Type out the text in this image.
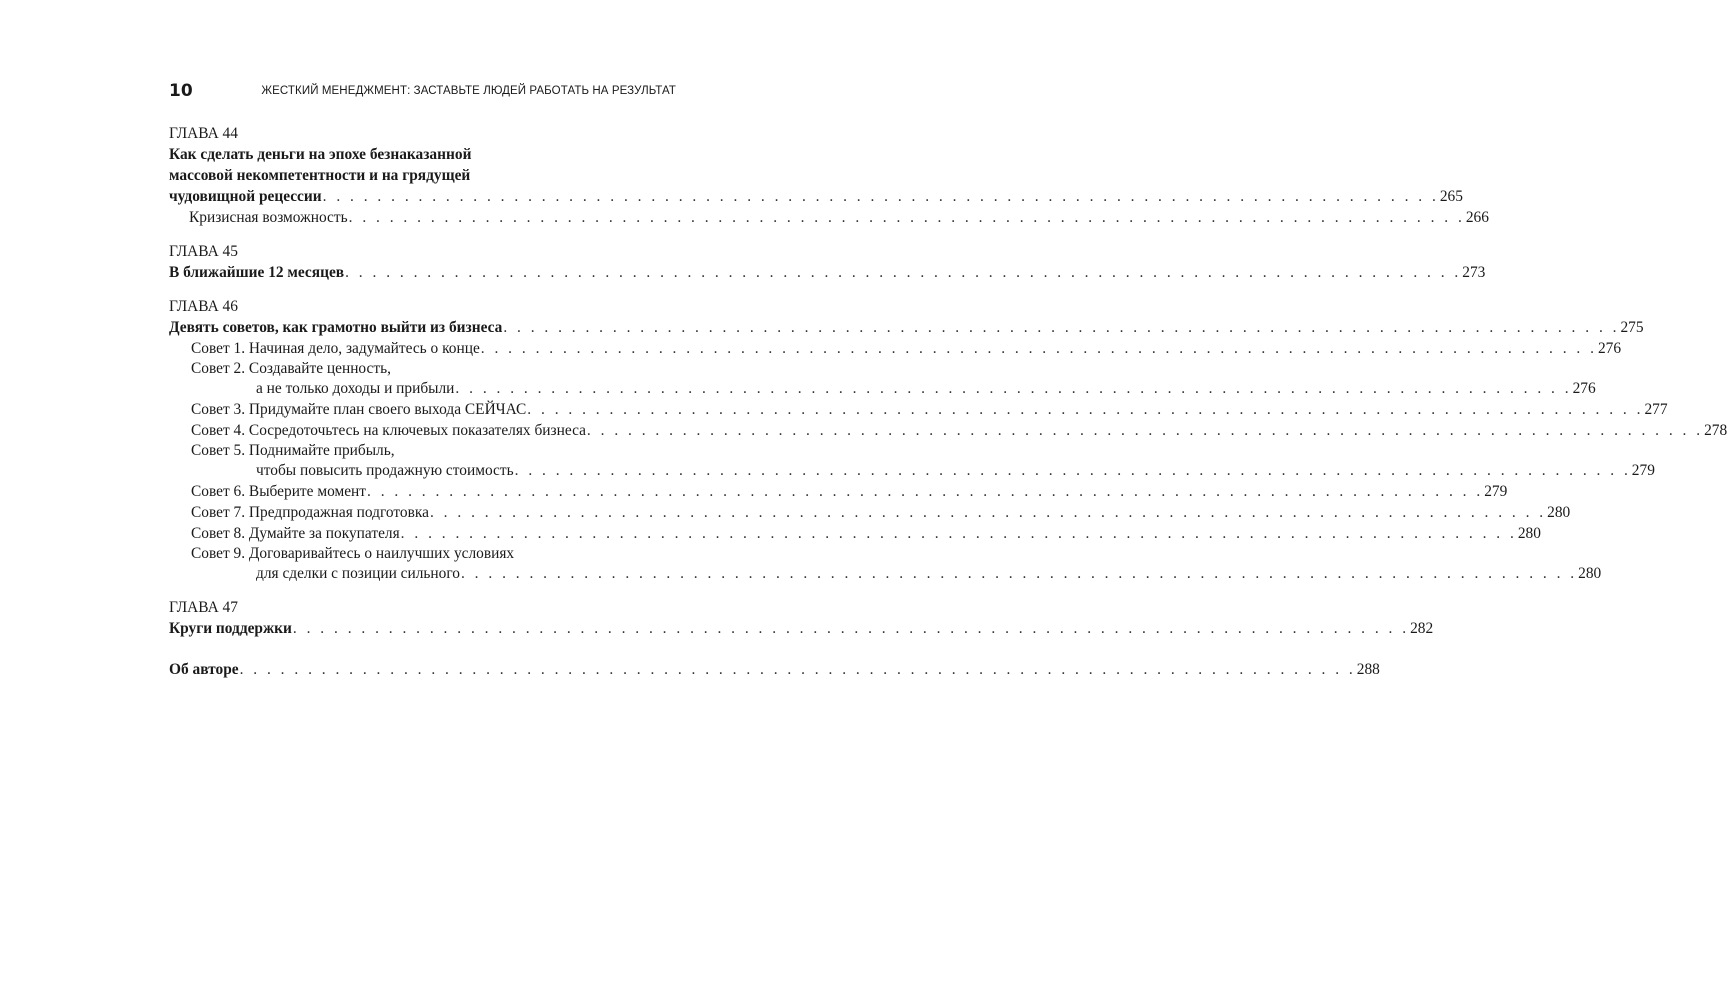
10	ЖЕСТКИЙ МЕНЕДЖМЕНТ: ЗАСТАВЬТЕ ЛЮДЕЙ РАБОТАТЬ НА РЕЗУЛЬТАТ
ГЛАВА 44
Как сделать деньги на эпохе безнаказанной
массовой некомпетентности и на грядущей
чудовищной рецессии . . . . . . . . . . . . . . . . . . . . . . . . . . . . . . . . . . . . . . . . . . . . . . . . . . . . . . . . . . . . . . . . . . . . . . . . . . . . . . . . . . 265
Кризисная возможность . . . . . . . . . . . . . . . . . . . . . . . . . . . . . . . . . . . . . . . . . . . . . . . . . . . . . . . . . . . . . . . . . . . . . . . . . . . . . . . . . . 266
ГЛАВА 45
В ближайшие 12 месяцев . . . . . . . . . . . . . . . . . . . . . . . . . . . . . . . . . . . . . . . . . . . . . . . . . . . . . . . . . . . . . . . . . . . . . . . . . . . . . . . . . . 273
ГЛАВА 46
Девять советов, как грамотно выйти из бизнеса . . . . . . . . . . . . . . . . . . . . . . . . . . . . . . . . . . . . . . . . . . . . . . . . . . . . . . . . . . . . . . . . . . . . . . . . . . . . . . . . . . 275
Совет 1. Начиная дело, задумайтесь о конце . . . . . . . . . . . . . . . . . . . . . . . . . . . . . . . . . . . . . . . . . . . . . . . . . . . . . . . . . . . . . . . . . . . . . . . . . . . . . . . . . . 276
Совет 2. Создавайте ценность,
а не только доходы и прибыли . . . . . . . . . . . . . . . . . . . . . . . . . . . . . . . . . . . . . . . . . . . . . . . . . . . . . . . . . . . . . . . . . . . . . . . . . . . . . . . . . . 276
Совет 3. Придумайте план своего выхода СЕЙЧАС . . . . . . . . . . . . . . . . . . . . . . . . . . . . . . . . . . . . . . . . . . . . . . . . . . . . . . . . . . . . . . . . . . . . . . . . . . . . . . . . . . 277
Совет 4. Сосредоточьтесь на ключевых показателях бизнеса . . . . . . . . . . . . . . . . . . . . . . . . . . . . . . . . . . . . . . . . . . . . . . . . . . . . . . . . . . . . . . . . . . . . . . . . . . . . . . . . . . 278
Совет 5. Поднимайте прибыль,
чтобы повысить продажную стоимость . . . . . . . . . . . . . . . . . . . . . . . . . . . . . . . . . . . . . . . . . . . . . . . . . . . . . . . . . . . . . . . . . . . . . . . . . . . . . . . . . . 279
Совет 6. Выберите момент . . . . . . . . . . . . . . . . . . . . . . . . . . . . . . . . . . . . . . . . . . . . . . . . . . . . . . . . . . . . . . . . . . . . . . . . . . . . . . . . . . 279
Совет 7. Предпродажная подготовка . . . . . . . . . . . . . . . . . . . . . . . . . . . . . . . . . . . . . . . . . . . . . . . . . . . . . . . . . . . . . . . . . . . . . . . . . . . . . . . . . . 280
Совет 8. Думайте за покупателя . . . . . . . . . . . . . . . . . . . . . . . . . . . . . . . . . . . . . . . . . . . . . . . . . . . . . . . . . . . . . . . . . . . . . . . . . . . . . . . . . . 280
Совет 9. Договаривайтесь о наилучших условиях
для сделки с позиции сильного . . . . . . . . . . . . . . . . . . . . . . . . . . . . . . . . . . . . . . . . . . . . . . . . . . . . . . . . . . . . . . . . . . . . . . . . . . . . . . . . . . 280
ГЛАВА 47
Круги поддержки . . . . . . . . . . . . . . . . . . . . . . . . . . . . . . . . . . . . . . . . . . . . . . . . . . . . . . . . . . . . . . . . . . . . . . . . . . . . . . . . . . 282
Об авторе . . . . . . . . . . . . . . . . . . . . . . . . . . . . . . . . . . . . . . . . . . . . . . . . . . . . . . . . . . . . . . . . . . . . . . . . . . . . . . . . . . 288
